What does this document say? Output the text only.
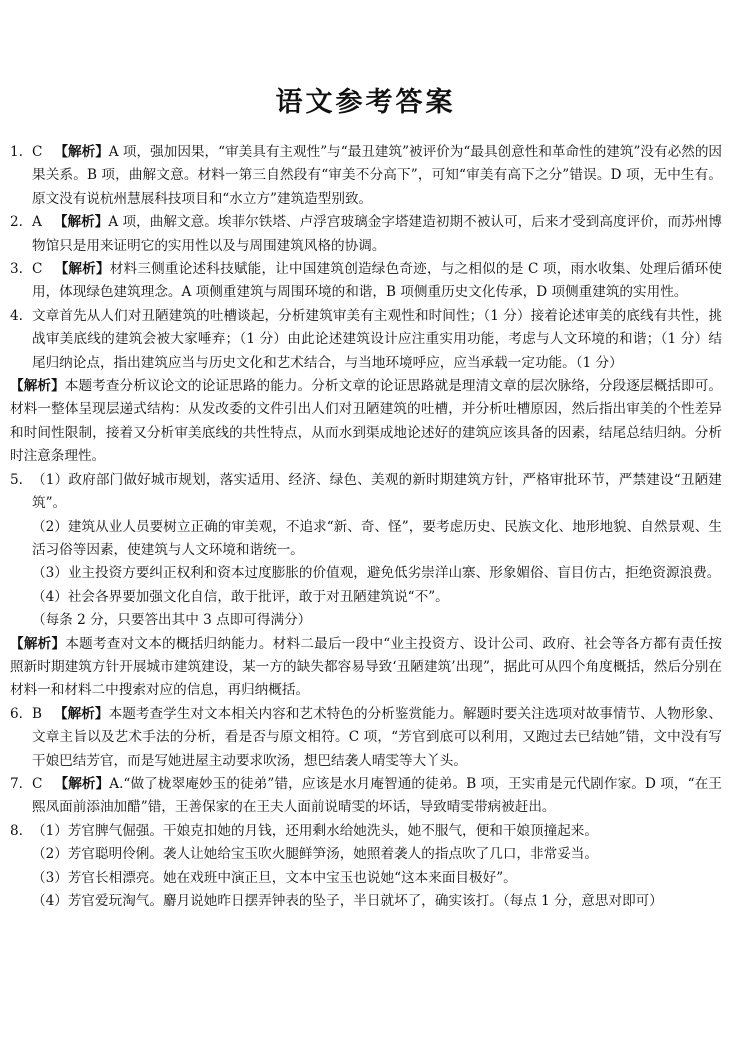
语文参考答案
1. C 【解析】A 项，强加因果，“审美具有主观性”与“最丑建筑”被评价为“最具创意性和革命性的建筑”没有必然的因果关系。B 项，曲解文意。材料一第三自然段有“审美不分高下”，可知“审美有高下之分”错误。D 项，无中生有。原文没有说杭州慧展科技项目和“水立方”建筑造型别致。
2. A 【解析】A 项，曲解文意。埃菲尔铁塔、卢浮宫玻璃金字塔建造初期不被认可，后来才受到高度评价，而苏州博物馆只是用来证明它的实用性以及与周围建筑风格的协调。
3. C 【解析】材料三侧重论述科技赋能，让中国建筑创造绿色奇迹，与之相似的是 C 项，雨水收集、处理后循环使用，体现绿色建筑理念。A 项侧重建筑与周围环境的和谐，B 项侧重历史文化传承，D 项侧重建筑的实用性。
4. 文章首先从人们对丑陋建筑的吐槽谈起，分析建筑审美有主观性和时间性；（1 分）接着论述审美的底线有共性，挑战审美底线的建筑会被大家唾弃；（1 分）由此论述建筑设计应注重实用功能，考虑与人文环境的和谐；（1 分）结尾归纳论点，指出建筑应当与历史文化和艺术结合，与当地环境呼应，应当承载一定功能。（1 分）
【解析】本题考查分析议论文的论证思路的能力。分析文章的论证思路就是理清文章的层次脉络，分段逐层概括即可。材料一整体呈现层递式结构：从发改委的文件引出人们对丑陋建筑的吐槽，并分析吐槽原因，然后指出审美的个性差异和时间性限制，接着又分析审美底线的共性特点，从而水到渠成地论述好的建筑应该具备的因素，结尾总结归纳。分析时注意条理性。
5. （1）政府部门做好城市规划，落实适用、经济、绿色、美观的新时期建筑方针，严格审批环节，严禁建设“丑陋建筑”。
（2）建筑从业人员要树立正确的审美观，不追求“新、奇、怪”，要考虑历史、民族文化、地形地貌、自然景观、生活习俗等因素，使建筑与人文环境和谐统一。
（3）业主投资方要纠正权利和资本过度膨胀的价值观，避免低劣崇洋山寨、形象媚俗、盲目仿古，拒绝资源浪费。
（4）社会各界要加强文化自信，敢于批评，敢于对丑陋建筑说“不”。
（每条 2 分，只要答出其中 3 点即可得满分）
【解析】本题考查对文本的概括归纳能力。材料二最后一段中“业主投资方、设计公司、政府、社会等各方都有责任按照新时期建筑方针开展城市建筑建设，某一方的缺失都容易导致‘丑陋建筑’出现”，据此可从四个角度概括，然后分别在材料一和材料二中搜索对应的信息，再归纳概括。
6. B 【解析】本题考查学生对文本相关内容和艺术特色的分析鉴赏能力。解题时要关注选项对故事情节、人物形象、文章主旨以及艺术手法的分析，看是否与原文相符。C 项，“芳官到底可以利用，又跑过去已结她”错，文中没有写干娘巴结芳官，而是写她进屋主动要求吹汤，想巴结袭人晴雯等大丫头。
7. C 【解析】A.“做了栊翠庵妙玉的徒弟”错，应该是水月庵智通的徒弟。B 项，王实甫是元代剧作家。D 项，“在王熙凤面前添油加醋”错，王善保家的在王夫人面前说晴雯的坏话，导致晴雯带病被赶出。
8. （1）芳官脾气倔强。干娘克扣她的月钱，还用剩水给她洗头，她不服气，便和干娘顶撞起来。
（2）芳官聪明伶俐。袭人让她给宝玉吹火腿鲜笋汤，她照着袭人的指点吹了几口，非常妥当。
（3）芳官长相漂亮。她在戏班中演正旦，文本中宝玉也说她“这本来面目极好”。
（4）芳官爱玩淘气。麝月说她昨日摆弄钟表的坠子，半日就坏了，确实该打。（每点 1 分，意思对即可）
